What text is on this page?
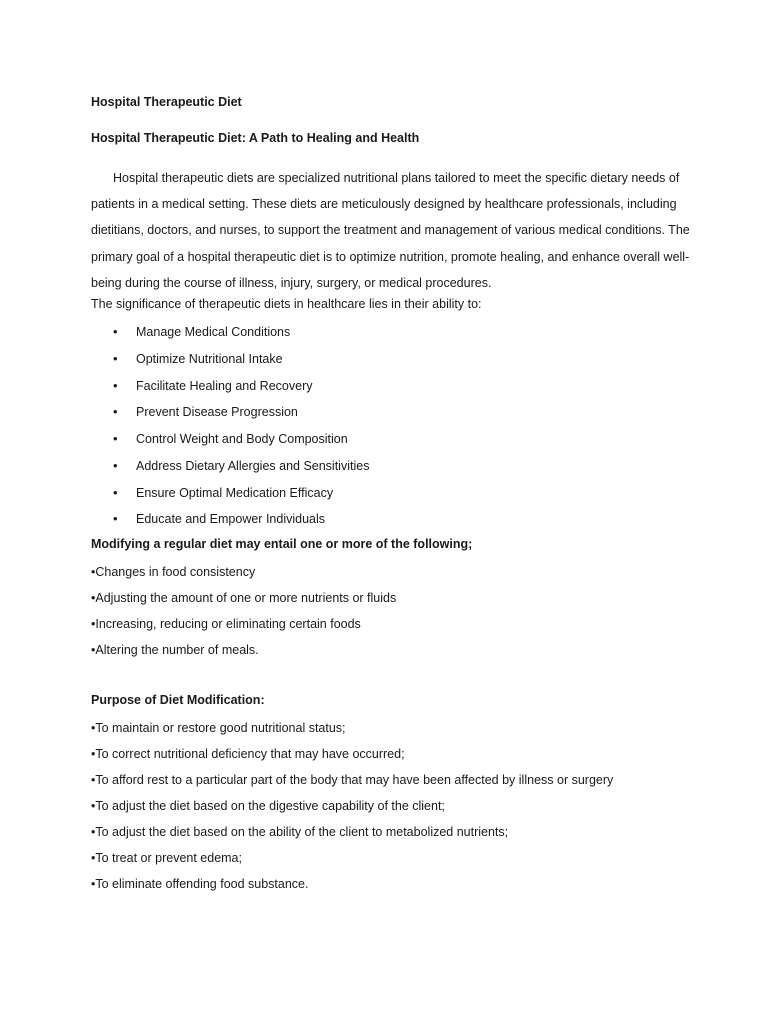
Hospital Therapeutic Diet
Hospital Therapeutic Diet: A Path to Healing and Health
Hospital therapeutic diets are specialized nutritional plans tailored to meet the specific dietary needs of patients in a medical setting. These diets are meticulously designed by healthcare professionals, including dietitians, doctors, and nurses, to support the treatment and management of various medical conditions. The primary goal of a hospital therapeutic diet is to optimize nutrition, promote healing, and enhance overall well-being during the course of illness, injury, surgery, or medical procedures.
The significance of therapeutic diets in healthcare lies in their ability to:
• Manage Medical Conditions
• Optimize Nutritional Intake
• Facilitate Healing and Recovery
• Prevent Disease Progression
• Control Weight and Body Composition
• Address Dietary Allergies and Sensitivities
• Ensure Optimal Medication Efficacy
• Educate and Empower Individuals
Modifying a regular diet may entail one or more of the following;
•Changes in food consistency
•Adjusting the amount of one or more nutrients or fluids
•Increasing, reducing or eliminating certain foods
•Altering the number of meals.
Purpose of Diet Modification:
•To maintain or restore good nutritional status;
•To correct nutritional deficiency that may have occurred;
•To afford rest to a particular part of the body that may have been affected by illness or surgery
•To adjust the diet based on the digestive capability of the client;
•To adjust the diet based on the ability of the client to metabolized nutrients;
•To treat or prevent edema;
•To eliminate offending food substance.
